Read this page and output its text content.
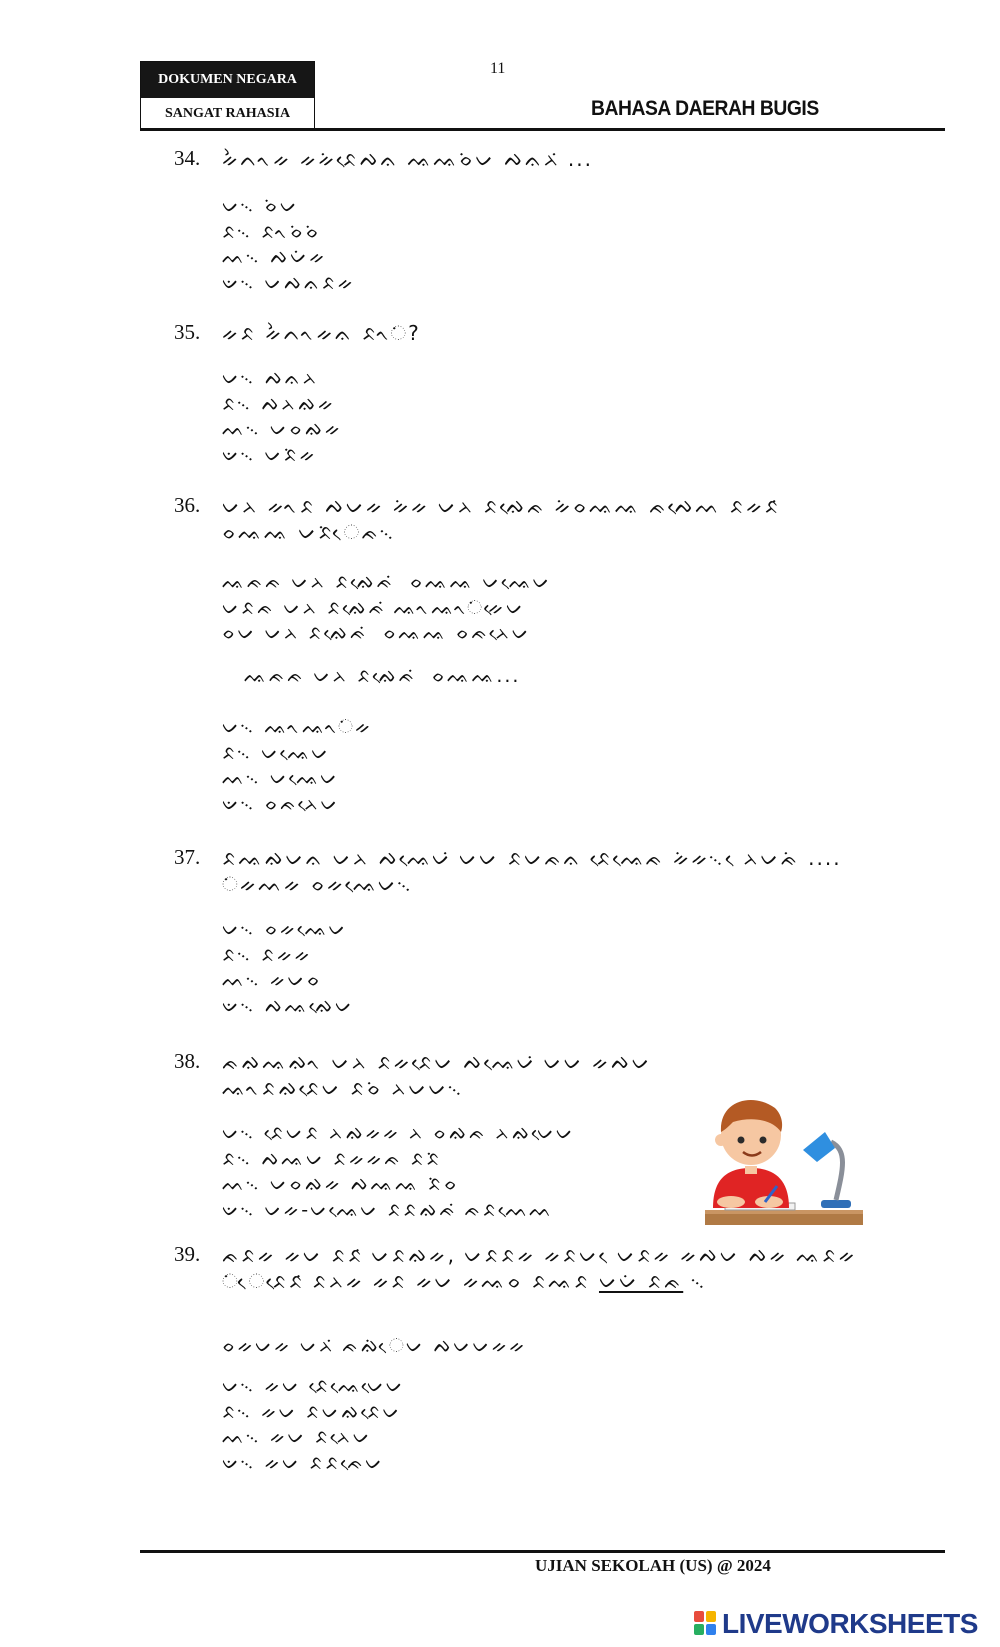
11
DOKUMEN NEGARA
SANGAT RAHASIA	BAHASA DAERAH BUGIS
34. ᨀᨛᨈᨚᨀ ᨀᨀᨗᨅᨙᨄᨊ ᨕᨕᨔᨗᨆ ᨄᨊᨂ ᨗ...
ᨆ᨞ ᨔᨗᨆ
ᨅ᨞ ᨅᨚᨔᨗᨔᨗ
ᨓ᨞ ᨄᨆᨗᨀ
ᨉ᨞ ᨆᨄᨊᨅᨀ
35. ᨀᨅ ᨀᨛᨈᨚᨀᨊ ᨅᨚᨗ?
ᨆ᨞ ᨄᨊᨂ
ᨅ᨞ ᨄᨂᨁᨀ
ᨓ᨞ ᨆᨔᨁᨀ
ᨉ᨞ ᨆᨅᨗᨀ
36. ᨆᨂ ᨀᨚᨅ ᨄᨆᨀ ᨀᨗᨀ ᨆᨂ ᨅᨁᨙᨃ ᨀᨗᨔᨕᨕ ᨃᨄᨙᨓ ᨅᨀᨅ ᨗ ᨔᨕᨕ ᨆᨅᨗᨙᨃ᨞
ᨕᨃᨃ ᨆᨂ ᨅᨁᨙᨃ ᨗ ᨔᨕᨕ ᨆᨕᨙᨆ
ᨆᨅᨃ ᨆᨂ ᨅᨁᨙᨃ ᨗᨕᨚᨕᨚᨗᨀᨙᨆ
ᨔᨆ ᨆᨂ ᨅᨁᨙᨃ ᨗ ᨔᨕᨕ ᨔᨃᨂᨙᨆ
ᨕᨃᨃ ᨆᨂ ᨅᨁᨙᨃ ᨗ ᨔᨕᨕ...
ᨆ᨞ ᨕᨚᨕᨚᨗᨀ
ᨅ᨞ ᨆᨕᨙᨆ
ᨓ᨞ ᨆᨕᨙᨆ
ᨉ᨞ ᨔᨃᨂᨙᨆ
37. ᨅᨕᨁᨆᨊ ᨆᨂ ᨄᨕᨙᨆ ᨗᨆᨆ ᨅᨆᨃᨊ ᨅᨙᨕᨙᨃ ᨀᨗᨀ᨞ ᨙᨂᨆᨃᨗ .... ᨗᨀᨓᨀ ᨔᨀᨕᨙᨆ᨞
ᨆ᨞ ᨔᨀᨕᨙᨆ
ᨅ᨞ ᨅᨀᨀ
ᨓ᨞ ᨀᨆᨔ
ᨉ᨞ ᨄᨕᨁᨙᨆ
38. ᨃᨁᨕᨁᨚ ᨆᨂ ᨅᨀᨅᨙᨆ ᨄᨕᨙᨆ ᨗᨆᨆ ᨀᨄᨆ ᨕᨚᨅᨁᨅᨙᨆ ᨅᨔᨗ ᨂᨆᨆ᨞
ᨆ᨞ ᨅᨙᨆᨅ ᨂᨁᨀᨀ ᨂ ᨔᨁᨃ ᨂᨁᨆᨙᨆ
ᨅ᨞ ᨄᨕᨆ ᨅᨀᨀᨃ ᨅᨅᨗ
ᨓ᨞ ᨆᨔᨁᨀ ᨄᨕᨕ ᨅᨗᨔ
ᨉ᨞ ᨆᨀ-ᨆᨕᨙᨆ ᨅᨅᨁᨃ ᨗᨃᨅᨓᨙᨓ
39. ᨃᨅᨀ ᨀᨆ ᨅᨅ ᨗᨆᨅᨁᨀ, ᨆᨅᨅᨀ ᨀᨅᨆ ᨙᨆᨅᨀ ᨀᨄᨆ ᨄᨀ ᨕᨅᨀ ᨗᨙᨅᨙᨅ ᨗᨅᨂᨀ ᨀᨅ ᨀᨆ ᨀᨕᨔ ᨅᨕᨅ ᨆᨆᨗ ᨅᨃ ᨞
ᨔᨀᨆᨀ ᨆᨂ ᨗᨃᨁᨗᨙᨆ ᨄᨆᨆᨀᨀ
ᨆ᨞ ᨀᨆ ᨅᨙᨕᨙᨆᨙᨆ
ᨅ᨞ ᨀᨆ ᨅᨆᨁᨅᨙᨆ
ᨓ᨞ ᨀᨆ ᨅᨂᨙᨆ
ᨉ᨞ ᨀᨆ ᨅᨅᨃᨙᨆ
UJIAN SEKOLAH (US) @ 2024
LIVEWORKSHEETS
